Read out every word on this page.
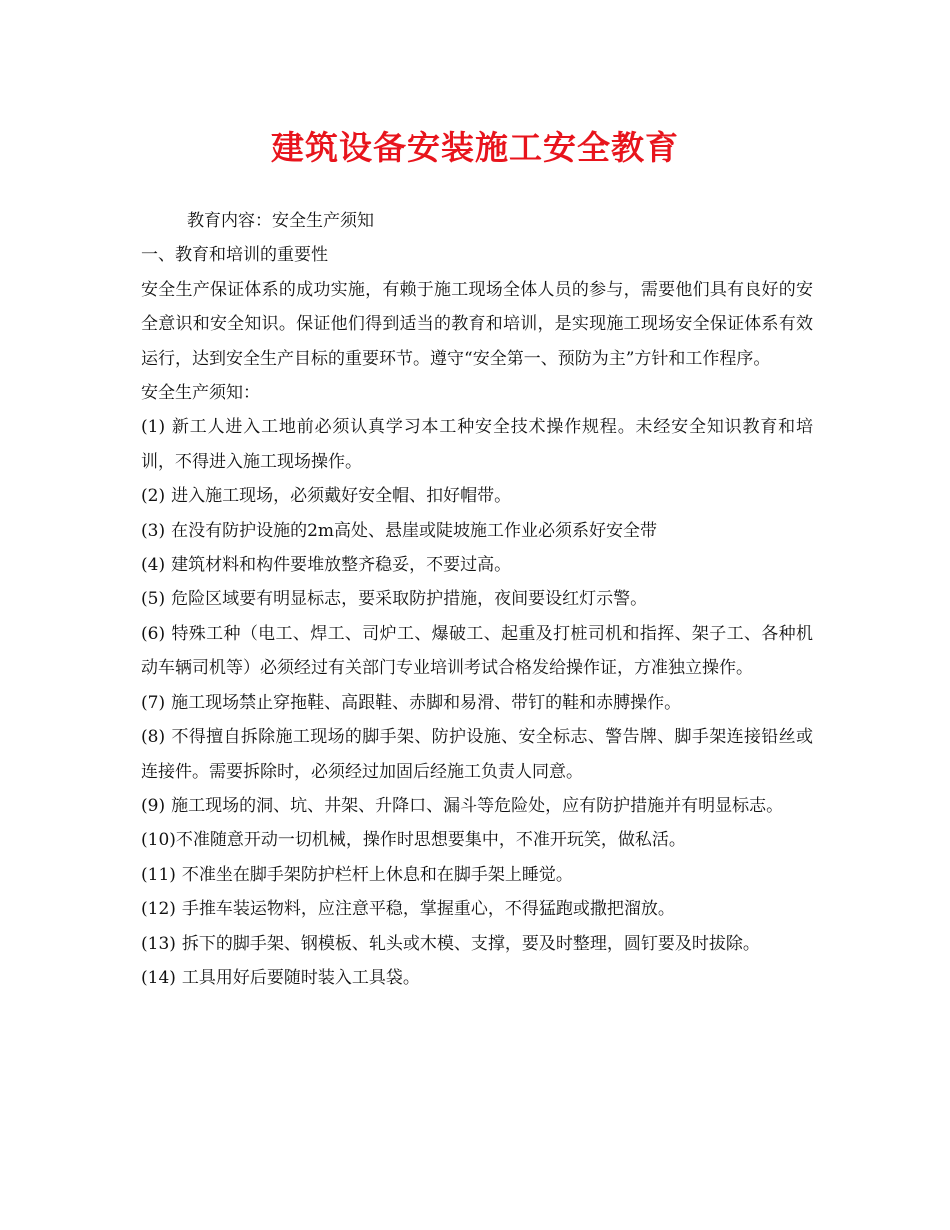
建筑设备安装施工安全教育

教育内容：安全生产须知

一、教育和培训的重要性

安全生产保证体系的成功实施，有赖于施工现场全体人员的参与，需要他们具有良好的安全意识和安全知识。保证他们得到适当的教育和培训，是实现施工现场安全保证体系有效运行，达到安全生产目标的重要环节。遵守“安全第一、预防为主”方针和工作程序。

安全生产须知：

(1) 新工人进入工地前必须认真学习本工种安全技术操作规程。未经安全知识教育和培训，不得进入施工现场操作。

(2) 进入施工现场，必须戴好安全帽、扣好帽带。

(3) 在没有防护设施的2m高处、悬崖或陡坡施工作业必须系好安全带

(4) 建筑材料和构件要堆放整齐稳妥，不要过高。

(5) 危险区域要有明显标志，要采取防护措施，夜间要设红灯示警。

(6) 特殊工种（电工、焊工、司炉工、爆破工、起重及打桩司机和指挥、架子工、各种机动车辆司机等）必须经过有关部门专业培训考试合格发给操作证，方准独立操作。

(7) 施工现场禁止穿拖鞋、高跟鞋、赤脚和易滑、带钉的鞋和赤膊操作。

(8) 不得擅自拆除施工现场的脚手架、防护设施、安全标志、警告牌、脚手架连接铅丝或连接件。需要拆除时，必须经过加固后经施工负责人同意。

(9) 施工现场的洞、坑、井架、升降口、漏斗等危险处，应有防护措施并有明显标志。

(10)不准随意开动一切机械，操作时思想要集中，不准开玩笑，做私活。

(11) 不准坐在脚手架防护栏杆上休息和在脚手架上睡觉。

(12) 手推车装运物料，应注意平稳，掌握重心，不得猛跑或撒把溜放。

(13) 拆下的脚手架、钢模板、轧头或木模、支撑，要及时整理，圆钉要及时拔除。

(14) 工具用好后要随时装入工具袋。
